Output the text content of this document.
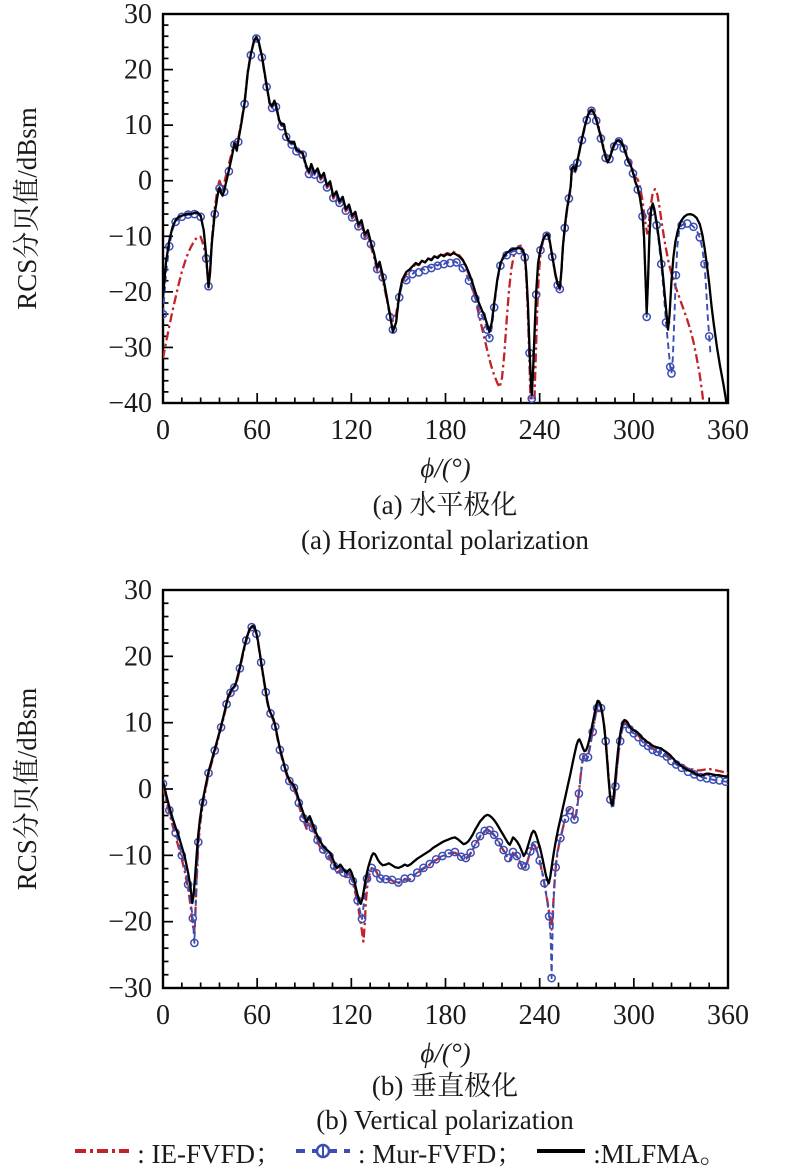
0	60 120 180 240 300 360
30
20
10
0
−10
−20
−30
−40
ϕ/(°)
RCS分贝值/dBsm
(a) 水平极化
(a) Horizontal polarization
0	60 120 180 240 300 360
30
20
10
0
−10
−20
−30
ϕ/(°)
RCS分贝值/dBsm
(b) 垂直极化
(b) Vertical polarization
: IE-FVFD；	: Mur-FVFD；	:MLFMA。
